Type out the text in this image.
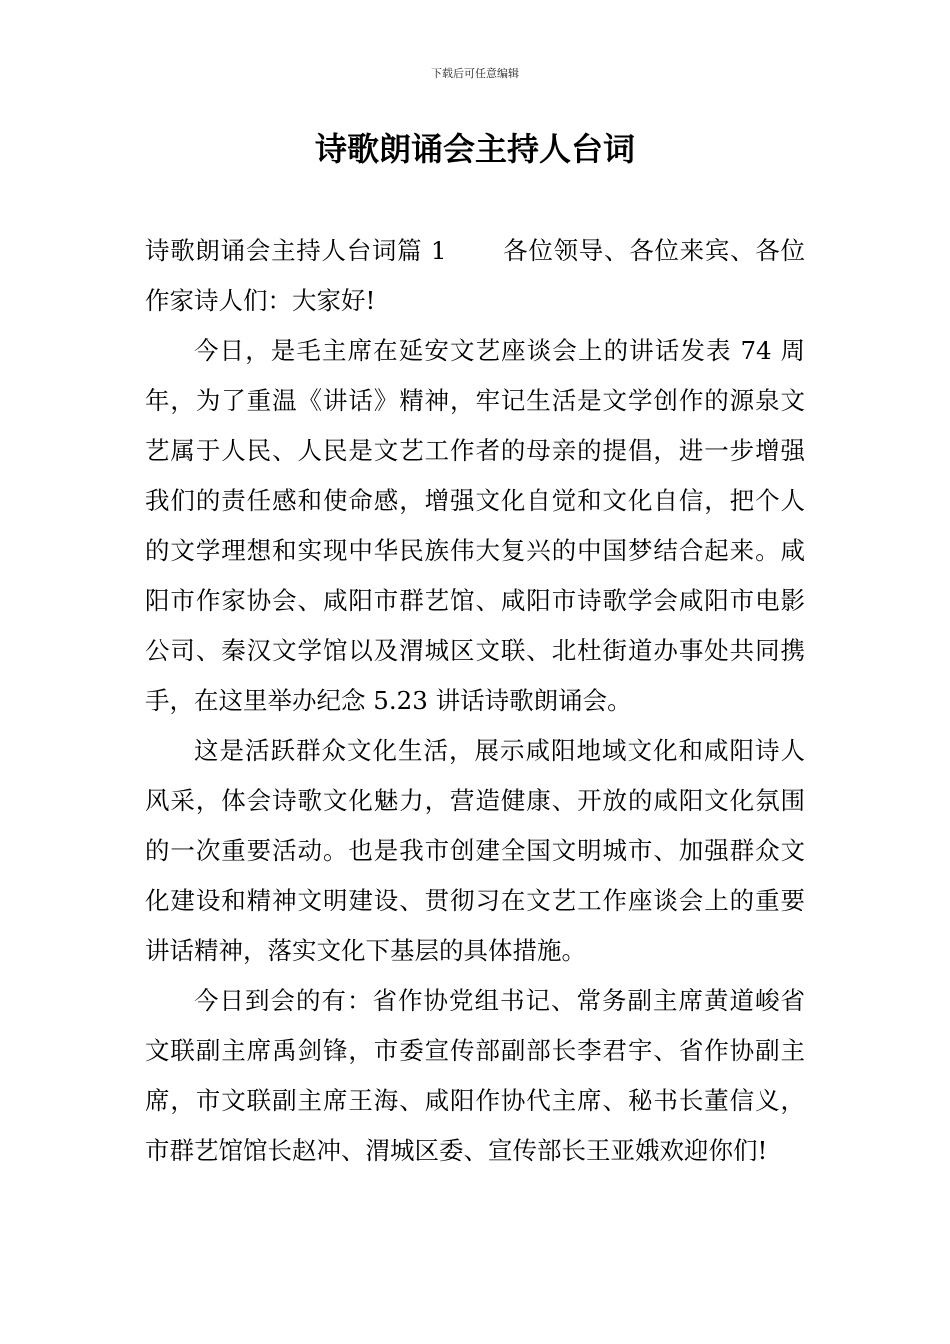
下载后可任意编辑
诗歌朗诵会主持人台词

诗歌朗诵会主持人台词篇 1 各位领导、各位来宾、各位作家诗人们：大家好!

今日，是毛主席在延安文艺座谈会上的讲话发表 74 周年，为了重温《讲话》精神，牢记生活是文学创作的源泉文艺属于人民、人民是文艺工作者的母亲的提倡，进一步增强我们的责任感和使命感，增强文化自觉和文化自信，把个人的文学理想和实现中华民族伟大复兴的中国梦结合起来。咸阳市作家协会、咸阳市群艺馆、咸阳市诗歌学会咸阳市电影公司、秦汉文学馆以及渭城区文联、北杜街道办事处共同携手，在这里举办纪念 5.23 讲话诗歌朗诵会。

这是活跃群众文化生活，展示咸阳地域文化和咸阳诗人风采，体会诗歌文化魅力，营造健康、开放的咸阳文化氛围的一次重要活动。也是我市创建全国文明城市、加强群众文化建设和精神文明建设、贯彻习在文艺工作座谈会上的重要讲话精神，落实文化下基层的具体措施。

今日到会的有：省作协党组书记、常务副主席黄道峻省文联副主席禹剑锋，市委宣传部副部长李君宇、省作协副主席，市文联副主席王海、咸阳作协代主席、秘书长董信义，市群艺馆馆长赵冲、渭城区委、宣传部长王亚娥欢迎你们!
